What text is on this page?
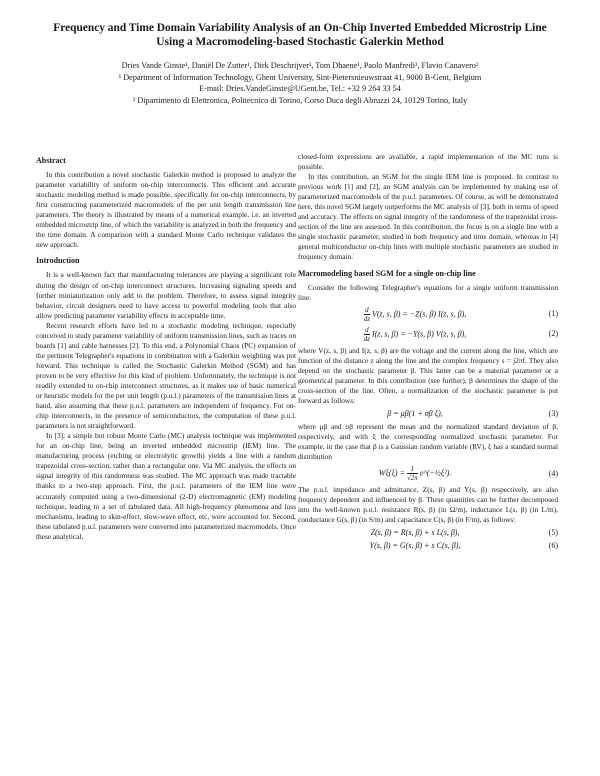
Frequency and Time Domain Variability Analysis of an On-Chip Inverted Embedded Microstrip Line
Using a Macromodeling-based Stochastic Galerkin Method
Dries Vande Ginste¹, Daniël De Zutter¹, Dirk Deschrijver¹, Tom Dhaene¹, Paolo Manfredi², Flavio Canavero²
¹ Department of Information Technology, Ghent University, Sint-Pietersnieuwstraat 41, 9000 B-Gent, Belgium
E-mail: Dries.VandeGinste@UGent.be, Tel.: +32 9 264 33 54
² Dipartimento di Elettronica, Politecnico di Torino, Corso Duca degli Abruzzi 24, 10129 Torino, Italy
Abstract

In this contribution a novel stochastic Galerkin method is proposed to analyze the parameter variability of uniform on-chip interconnects. This efficient and accurate stochastic modeling method is made possible, specifically for on-chip interconnects, by first constructing parameterized macromodels of the per unit length transmission line parameters. The theory is illustrated by means of a numerical example, i.e. an inverted embedded microstrip line, of which the variability is analyzed in both the frequency and the time domain. A comparison with a standard Monte Carlo technique validates the new approach.

Introduction

It is a well-known fact that manufacturing tolerances are playing a significant role during the design of on-chip interconnect structures. Increasing signaling speeds and further miniaturization only add to the problem. Therefore, to assess signal integrity behavior, circuit designers need to have access to powerful modeling tools that also allow predicting parameter variability effects in acceptable time.

Recent research efforts have led to a stochastic modeling technique, especially conceived to study parameter variability of uniform transmission lines, such as traces on boards [1] and cable harnesses [2]. To this end, a Polynomial Chaos (PC) expansion of the pertinent Telegrapher's equations in combination with a Galerkin weighting was put forward. This technique is called the Stochastic Galerkin Method (SGM) and has proven to be very effective for this kind of problem. Unfortunately, the technique is not readily extended to on-chip interconnect structures, as it makes use of basic numerical or heuristic models for the per unit length (p.u.l.) parameters of the transmission lines at hand, also assuming that these p.u.l. parameters are independent of frequency. For on-chip interconnects, in the presence of semiconductors, the computation of these p.u.l. parameters is not straightforward.

In [3], a simple but robust Monte Carlo (MC) analysis technique was implemented for an on-chip line, being an inverted embedded microstrip (IEM) line. The manufacturing process (etching or electrolytic growth) yields a line with a random trapezoidal cross-section, rather than a rectangular one. Via MC analysis, the effects on signal integrity of this randomness was studied. The MC approach was made tractable thanks to a two-step approach. First, the p.u.l. parameters of the IEM line were accurately computed using a two-dimensional (2-D) electromagnetic (EM) modeling technique, leading to a set of tabulated data. All high-frequency phenomena and loss mechanisms, leading to skin-effect, slow-wave effect, etc, were accounted for. Second, these tabulated p.u.l. parameters were converted into parameterized macromodels. Once these analytical,

closed-form expressions are available, a rapid implementation of the MC runs is possible.

In this contribution, an SGM for the single IEM line is proposed. In contrast to previous work [1] and [2], an SGM analysis can be implemented by making use of parameterized macromodels of the p.u.l. parameters. Of course, as will be demonstrated here, this novel SGM largely outperforms the MC analysis of [3], both in terms of speed and accuracy. The effects on signal integrity of the randomness of the trapezoidal cross-section of the line are assessed. In this contribution, the focus is on a single line with a single stochastic parameter, studied in both frequency and time domain, whereas in [4] general multiconductor on-chip lines with multiple stochastic parameters are studied in frequency domain.

Macromodeling based SGM for a single on-chip line

Consider the following Telegrapher's equations for a single uniform transmission line:

$\frac{d}{dz} V(z$, s, β) = −Z(s, β) I(z, s, β),	(1)
$\frac{d}{dz} I(z$, s, β) = −Y(s, β) V(z, s, β),	(2)

where V(z, s, β) and I(z, s, β) are the voltage and the current along the line, which are function of the distance z along the line and the complex frequency s = j2πf. They also depend on the stochastic parameter β. This latter can be a material parameter or a geometrical parameter. In this contribution (see further), β determines the shape of the cross-section of the line. Often, a normalization of the stochastic parameter is put forward as follows:

β = μβ(1 + σβ ξ),	(3)

where μβ and σβ represent the mean and the normalized standard deviation of β, respectively, and with ξ the corresponding normalized stochastic parameter. For example, in the case that β is a Gaussian random variable (RV), ξ has a standard normal distribution

$W\xi(\xi) = \frac{1}{√2\pi}$ e^(−½ξ²).	(4)

The p.u.l. impedance and admittance, Z(s, β) and Y(s, β) respectively, are also frequency dependent and influenced by β. These quantities can be further decomposed into the well-known p.u.l. resistance R(s, β) (in Ω/m), inductance L(s, β) (in L/m), conductance G(s, β) (in S/m) and capacitance C(s, β) (in F/m), as follows:

Z(s, β) = R(s, β) + s L(s, β),	(5)
Y(s, β) = G(s, β) + s C(s, β),	(6)
